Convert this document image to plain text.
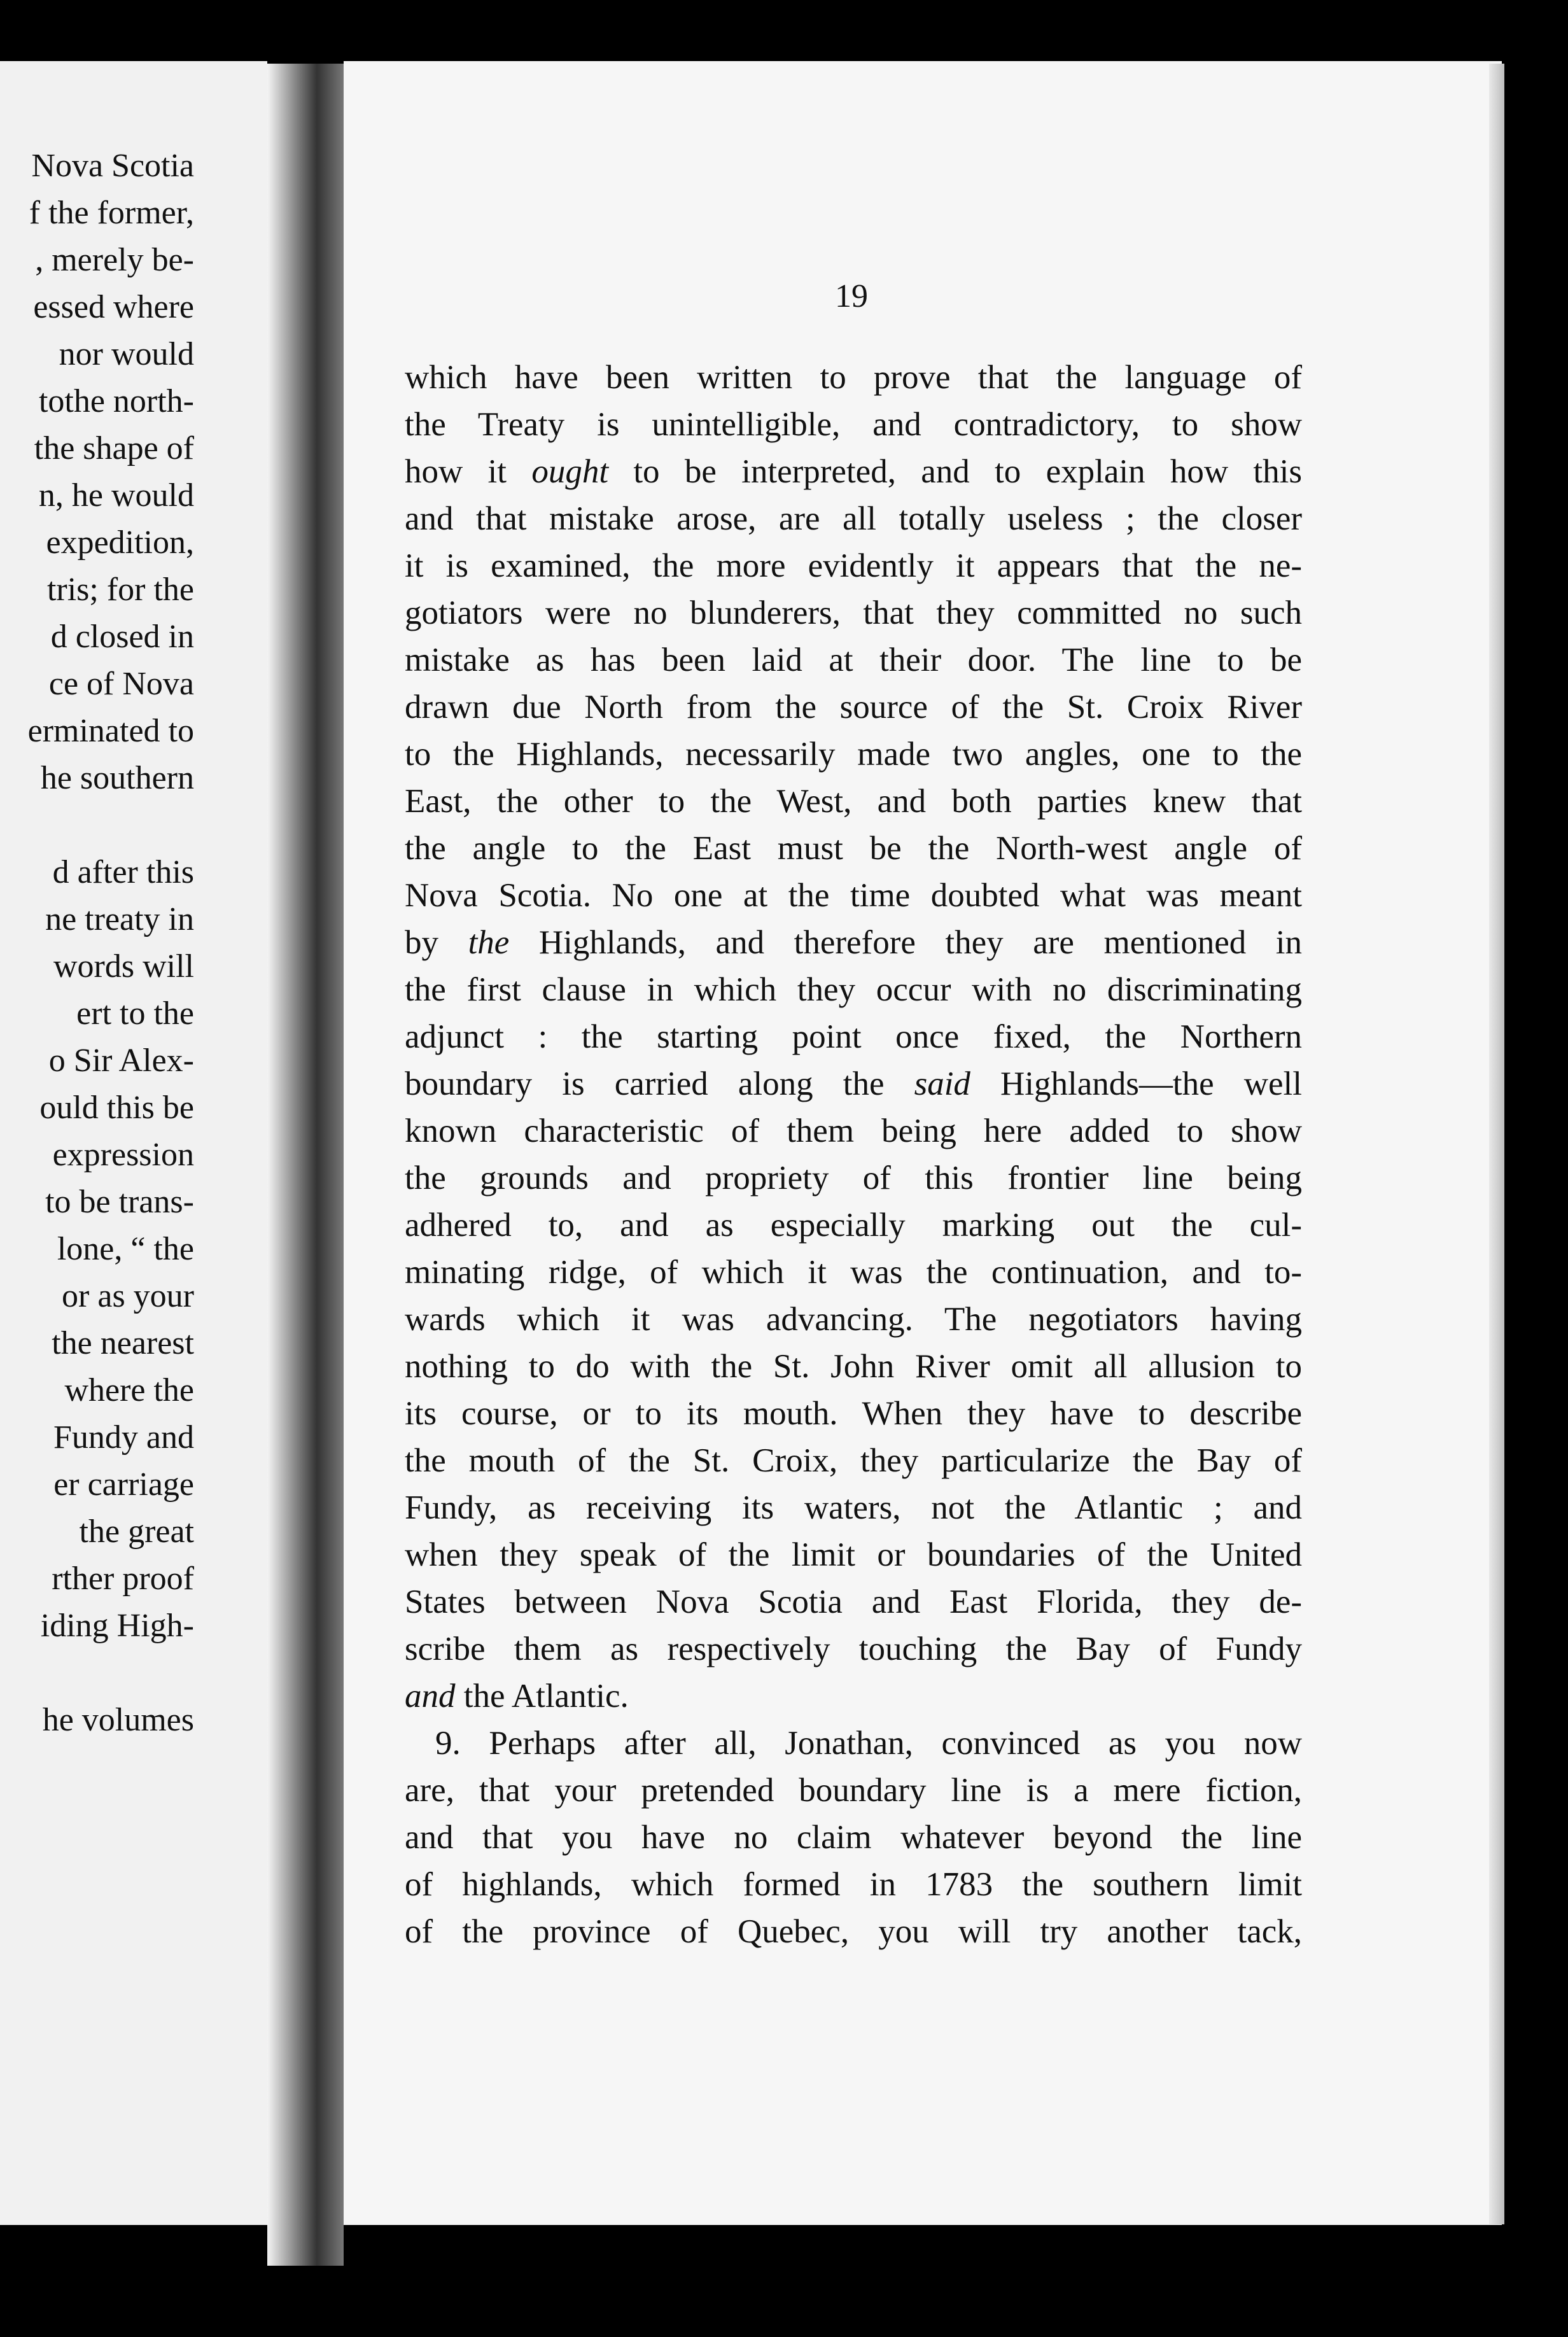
Nova Scotia
f the former,
, merely be-
essed where
nor would
tothe north-
the shape of
n, he would
expedition,
tris; for the
d closed in
ce of Nova
erminated to
he southern
d after this
ne treaty in
words will
ert to the
o Sir Alex-
ould this be
expression
to be trans-
lone, “ the
or as your
the nearest
where the
Fundy and
er carriage
the great
rther proof
iding High-
he volumes
19
which have been written to prove that the language of
the Treaty is unintelligible, and contradictory, to show
how it ought to be interpreted, and to explain how this
and that mistake arose, are all totally useless ; the closer
it is examined, the more evidently it appears that the ne-
gotiators were no blunderers, that they committed no such
mistake as has been laid at their door. The line to be
drawn due North from the source of the St. Croix River
to the Highlands, necessarily made two angles, one to the
East, the other to the West, and both parties knew that
the angle to the East must be the North-west angle of
Nova Scotia. No one at the time doubted what was meant
by the Highlands, and therefore they are mentioned in
the first clause in which they occur with no discriminating
adjunct : the starting point once fixed, the Northern
boundary is carried along the said Highlands—the well
known characteristic of them being here added to show
the grounds and propriety of this frontier line being
adhered to, and as especially marking out the cul-
minating ridge, of which it was the continuation, and to-
wards which it was advancing. The negotiators having
nothing to do with the St. John River omit all allusion to
its course, or to its mouth. When they have to describe
the mouth of the St. Croix, they particularize the Bay of
Fundy, as receiving its waters, not the Atlantic ; and
when they speak of the limit or boundaries of the United
States between Nova Scotia and East Florida, they de-
scribe them as respectively touching the Bay of Fundy
and the Atlantic.
9. Perhaps after all, Jonathan, convinced as you now
are, that your pretended boundary line is a mere fiction,
and that you have no claim whatever beyond the line
of highlands, which formed in 1783 the southern limit
of the province of Quebec, you will try another tack,
